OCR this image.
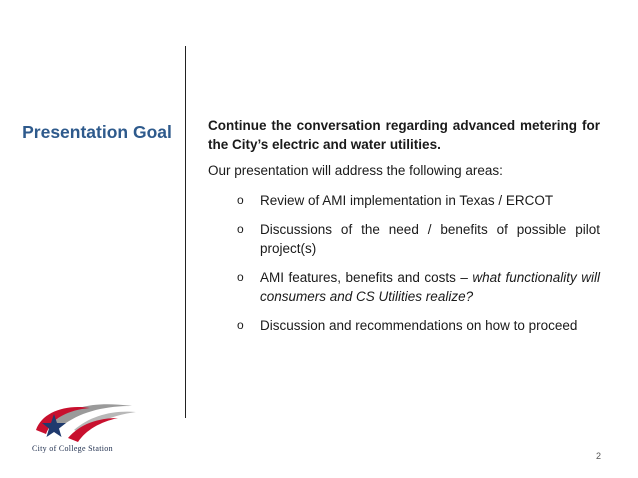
Presentation Goal	Continue the conversation regarding advanced metering for the City’s electric and water utilities.

Our presentation will address the following areas:

o Review of AMI implementation in Texas / ERCOT
o Discussions of the need / benefits of possible pilot project(s)
o AMI features, benefits and costs – what functionality will consumers and CS Utilities realize?
o Discussion and recommendations on how to proceed
City of College Station
2
